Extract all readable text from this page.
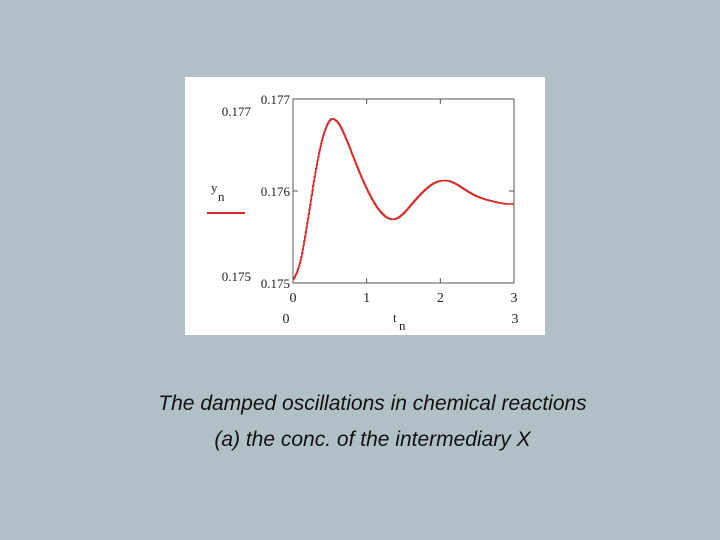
0	1	2	3
0.177
0.176
0.175
0.177
0.175
0	3
y
n
t
n
The damped oscillations in chemical reactions
(a) the conc. of the intermediary X
